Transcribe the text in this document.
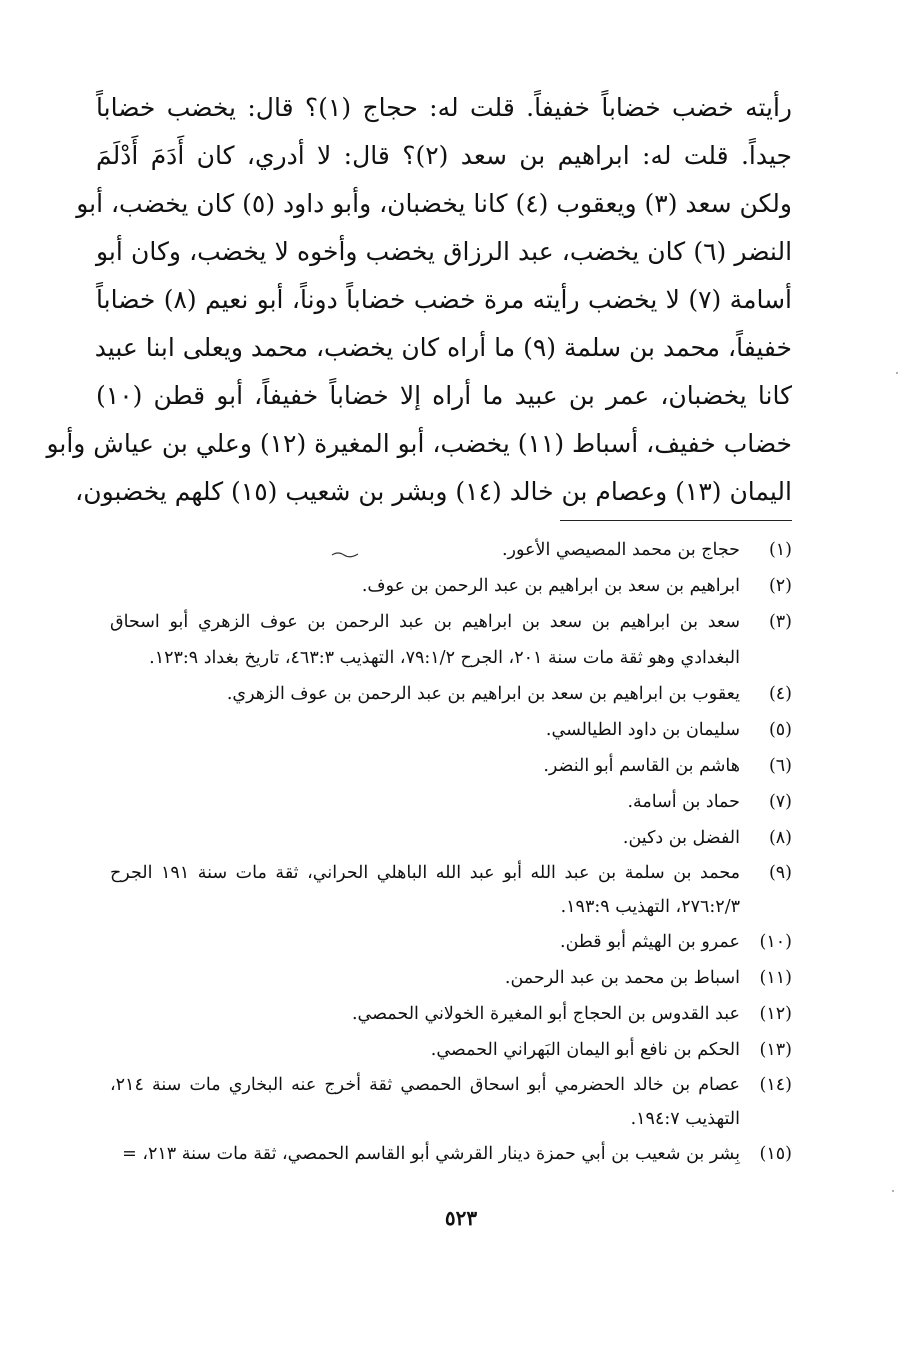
رأيته خضب خضاباً خفيفاً. قلت له: حجاج (١)؟ قال: يخضب خضاباً
جيداً. قلت له: ابراهيم بن سعد (٢)؟ قال: لا أدري، كان أَدَمَ أَدْلَمَ
ولكن سعد (٣) ويعقوب (٤) كانا يخضبان، وأبو داود (٥) كان يخضب، أبو
النضر (٦) كان يخضب، عبد الرزاق يخضب وأخوه لا يخضب، وكان أبو
أسامة (٧) لا يخضب رأيته مرة خضب خضاباً دوناً، أبو نعيم (٨) خضاباً
خفيفاً، محمد بن سلمة (٩) ما أراه كان يخضب، محمد ويعلى ابنا عبيد
كانا يخضبان، عمر بن عبيد ما أراه إلا خضاباً خفيفاً، أبو قطن (١٠)
خضاب خفيف، أسباط (١١) يخضب، أبو المغيرة (١٢) وعلي بن عياش وأبو
اليمان (١٣) وعصام بن خالد (١٤) وبشر بن شعيب (١٥) كلهم يخضبون،
(١)
حجاج بن محمد المصيصي الأعور.
(٢)
ابراهيم بن سعد بن ابراهيم بن عبد الرحمن بن عوف.
(٣)
سعد بن ابراهيم بن سعد بن ابراهيم بن عبد الرحمن بن عوف الزهري أبو اسحاق البغدادي وهو ثقة مات سنة ٢٠١، الجرح ٧٩:١/٢، التهذيب ٤٦٣:٣، تاريخ بغداد ١٢٣:٩.
(٤)
يعقوب بن ابراهيم بن سعد بن ابراهيم بن عبد الرحمن بن عوف الزهري.
(٥)
سليمان بن داود الطيالسي.
(٦)
هاشم بن القاسم أبو النضر.
(٧)
حماد بن أسامة.
(٨)
الفضل بن دكين.
(٩)
محمد بن سلمة بن عبد الله أبو عبد الله الباهلي الحراني، ثقة مات سنة ١٩١ الجرح ٢٧٦:٢/٣، التهذيب ١٩٣:٩.
(١٠)
عمرو بن الهيثم أبو قطن.
(١١)
اسباط بن محمد بن عبد الرحمن.
(١٢)
عبد القدوس بن الحجاج أبو المغيرة الخولاني الحمصي.
(١٣)
الحكم بن نافع أبو اليمان البَهراني الحمصي.
(١٤)
عصام بن خالد الحضرمي أبو اسحاق الحمصي ثقة أخرج عنه البخاري مات سنة ٢١٤، التهذيب ١٩٤:٧.
(١٥)
بِشر بن شعيب بن أبي حمزة دينار القرشي أبو القاسم الحمصي، ثقة مات سنة ٢١٣، =
٥٢٣
